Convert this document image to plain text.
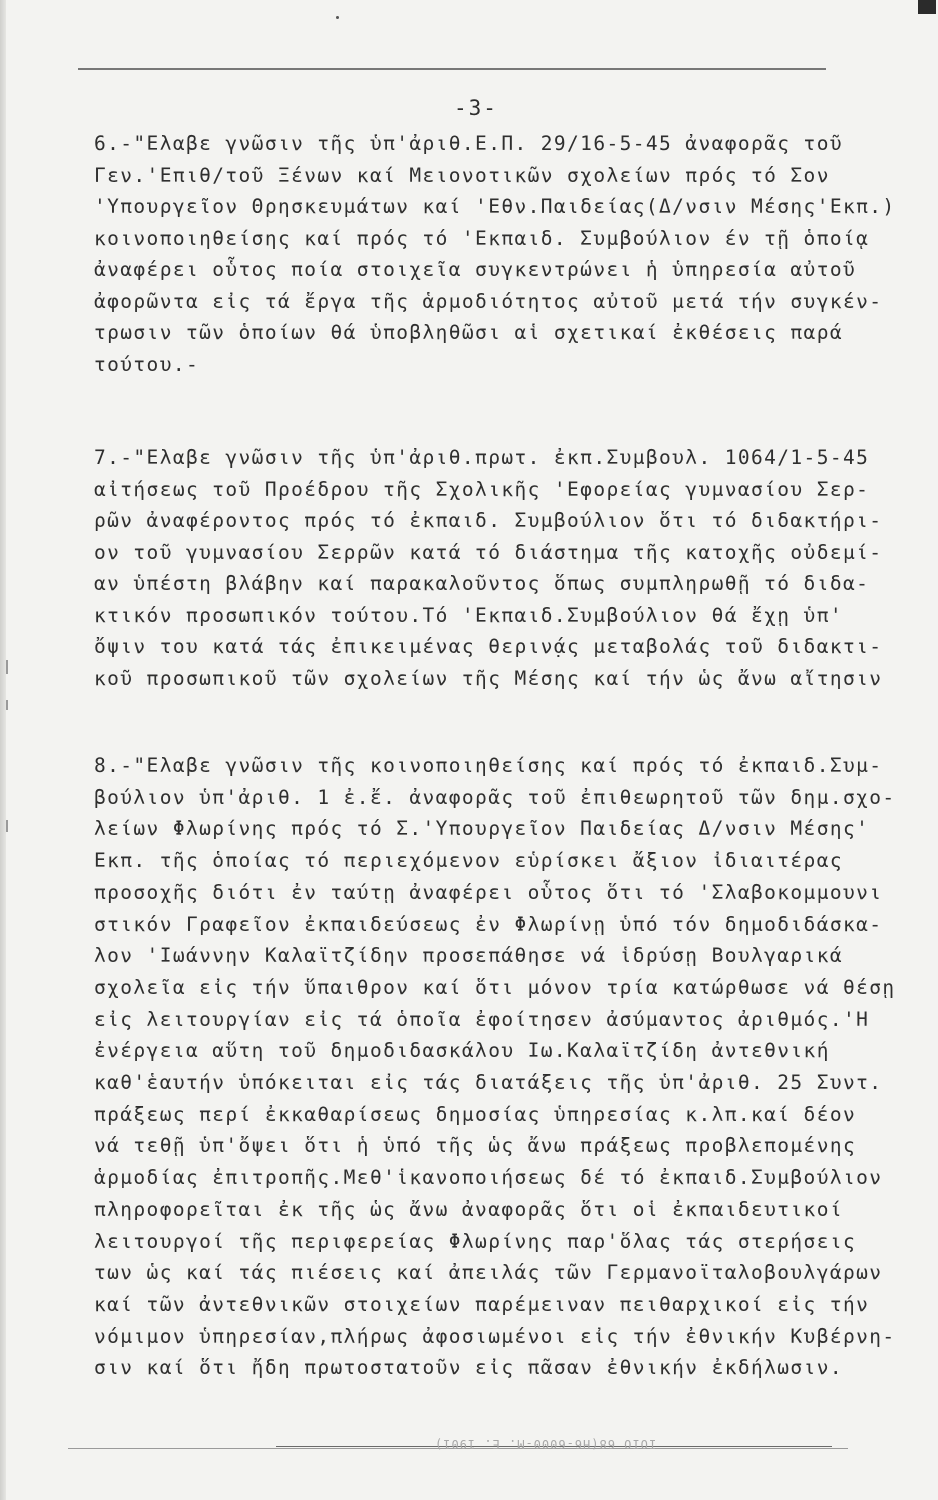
-3-
6.-"Ελαβε γνῶσιν τῆς ὑπ'ἀριθ.Ε.Π. 29/16-5-45 ἀναφορᾶς τοῦ
Γεν.'Επιθ/τοῦ Ξένων καί Μειονοτικῶν σχολείων πρός τό Σον
'Υπουργεῖον Θρησκευμάτων καί 'Εθν.Παιδείας(Δ/νσιν Μέσης'Εκπ.)
κοινοποιηθείσης καί πρός τό 'Εκπαιδ. Συμβούλιον έν τῇ ὁποίᾳ
ἀναφέρει οὗτος ποία στοιχεῖα συγκεντρώνει ἡ ὑπηρεσία αὐτοῦ
ἀφορῶντα εἰς τά ἔργα τῆς ἁρμοδιότητος αὐτοῦ μετά τήν συγκέν-
τρωσιν τῶν ὁποίων θά ὑποβληθῶσι αἱ σχετικαί ἐκθέσεις παρά
τούτου.-
7.-"Ελαβε γνῶσιν τῆς ὑπ'ἀριθ.πρωτ. ἐκπ.Συμβουλ. 1064/1-5-45
αἰτήσεως τοῦ Προέδρου τῆς Σχολικῆς 'Εφορείας γυμνασίου Σερ-
ρῶν ἀναφέροντος πρός τό ἐκπαιδ. Συμβούλιον ὅτι τό διδακτήρι-
ον τοῦ γυμνασίου Σερρῶν κατά τό διάστημα τῆς κατοχῆς οὐδεμί-
αν ὑπέστη βλάβην καί παρακαλοῦντος ὅπως συμπληρωθῇ τό διδα-
κτικόν προσωπικόν τούτου.Τό 'Εκπαιδ.Συμβούλιον θά ἔχῃ ὑπ'
ὄψιν του κατά τάς ἐπικειμένας θεριν̣άς μεταβολάς τοῦ διδακτι-
κοῦ προσωπικοῦ τῶν σχολείων τῆς Μέσης καί τήν ὡς ἄνω αἴτησιν
8.-"Ελαβε γνῶσιν τῆς κοινοποιηθείσης καί πρός τό ἐκπαιδ.Συμ-
βούλιον ὑπ'ἀριθ. 1 ἐ.ἔ. ἀναφορᾶς τοῦ ἐπιθεωρητοῦ τῶν δημ.σχο-
λείων Φλωρίνης πρός τό Σ.'Υπουργεῖον Παιδείας Δ/νσιν Μέσης'
Εκπ. τῆς ὁποίας τό περιεχόμενον εὑρίσκει ἄξιον ἰδιαιτέρας
προσοχῆς διότι ἐν ταύτῃ ἀναφέρει οὗτος ὅτι τό 'Σλαβοκομμουνι
στικόν Γραφεῖον ἐκπαιδεύσεως ἐν Φλωρίνῃ ὑπό τόν δημοδιδάσκα-
λον 'Ιωάννην Καλαϊτζίδην προσεπάθησε νά ἱδρύσῃ Βουλγαρικά
σχολεῖα εἰς τήν ὕπαιθρον καί ὅτι μόνον τρία κατώρθωσε νά θέσῃ
εἰς λειτουργίαν εἰς τά ὁποῖα ἐφοίτησεν ἀσύμαντος ἀριθμός.'Η
ἐνέργεια αὕτη τοῦ δημοδιδασκάλου Ιω.Καλαϊτζίδη ἀντεθνική
καθ'ἑαυτήν ὑπόκειται εἰς τάς διατάξεις τῆς ὑπ'ἀριθ. 25 Συντ.
πράξεως περί ἐκκαθαρίσεως δημοσίας ὑπηρεσίας κ.λπ.καί δέον
νά τεθῇ ὑπ'ὄψει ὅτι ἡ ὑπό τῆς ὡς ἄνω πράξεως προβλεπομένης
ἁρμοδίας ἐπιτροπῆς.Μεθ'ἱκανοποιήσεως δέ τό ἐκπαιδ.Συμβούλιον
πληροφορεῖται ἐκ τῆς ὡς ἄνω ἀναφορᾶς ὅτι οἱ ἐκπαιδευτικοί
λειτουργοί τῆς περιφερείας Φλωρίνης παρ'ὅλας τάς στερήσεις
των ὡς καί τάς πιέσεις καί ἀπειλάς τῶν Γερμανοϊταλοβουλγάρων
καί τῶν ἀντεθνικῶν στοιχείων παρέμειναν πειθαρχικοί εἰς τήν
νόμιμον ὑπηρεσίαν,πλήρως ἀφοσιωμένοι εἰς τήν ἐθνικήν Κυβέρνη-
σιν καί ὅτι ἤδη πρωτοστατοῦν εἰς πᾶσαν ἐθνικήν ἐκδήλωσιν.
ΙΟΙΟ 68(Η6-6000-Μ. Ε. 1901)
